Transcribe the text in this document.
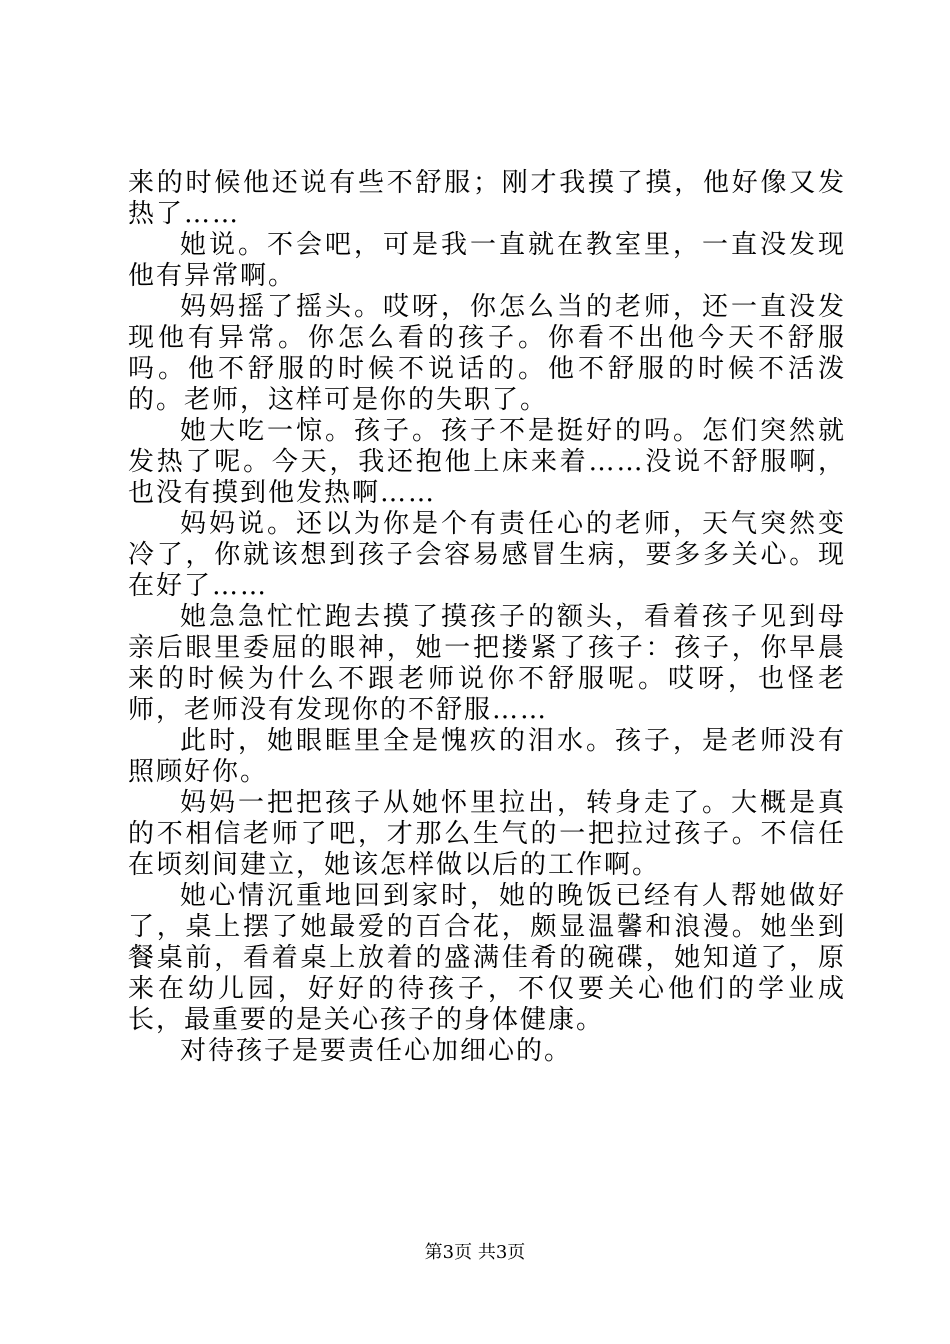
来的时候他还说有些不舒服；刚才我摸了摸，他好像又发热了……

她说。不会吧，可是我一直就在教室里，一直没发现他有异常啊。

妈妈摇了摇头。哎呀，你怎么当的老师，还一直没发现他有异常。你怎么看的孩子。你看不出他今天不舒服吗。他不舒服的时候不说话的。他不舒服的时候不活泼的。老师，这样可是你的失职了。

她大吃一惊。孩子。孩子不是挺好的吗。怎们突然就发热了呢。今天，我还抱他上床来着……没说不舒服啊，也没有摸到他发热啊……

妈妈说。还以为你是个有责任心的老师，天气突然变冷了，你就该想到孩子会容易感冒生病，要多多关心。现在好了……

她急急忙忙跑去摸了摸孩子的额头，看着孩子见到母亲后眼里委屈的眼神，她一把搂紧了孩子：孩子，你早晨来的时候为什么不跟老师说你不舒服呢。哎呀，也怪老师，老师没有发现你的不舒服……

此时，她眼眶里全是愧疚的泪水。孩子，是老师没有照顾好你。

妈妈一把把孩子从她怀里拉出，转身走了。大概是真的不相信老师了吧，才那么生气的一把拉过孩子。不信任在顷刻间建立，她该怎样做以后的工作啊。

她心情沉重地回到家时，她的晚饭已经有人帮她做好了，桌上摆了她最爱的百合花，颇显温馨和浪漫。她坐到餐桌前，看着桌上放着的盛满佳肴的碗碟，她知道了，原来在幼儿园，好好的待孩子，不仅要关心他们的学业成长，最重要的是关心孩子的身体健康。

对待孩子是要责任心加细心的。

第3页 共3页
